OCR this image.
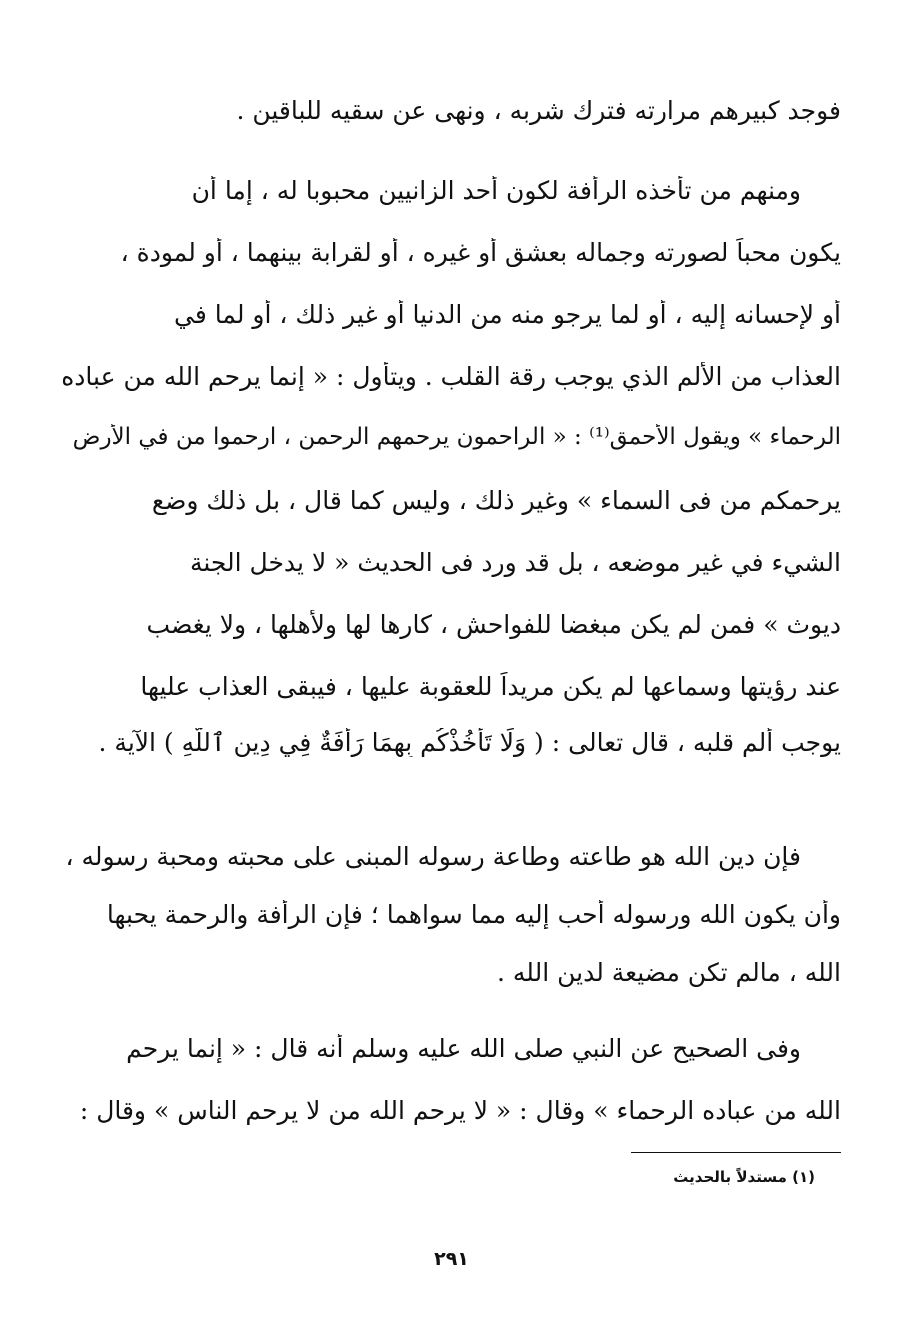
فوجد كبيرهم مرارته فترك شربه ، ونهى عن سقيه للباقين .
ومنهم من تأخذه الرأفة لكون أحد الزانيين محبوبا له ، إما أن
يكون محباً لصورته وجماله بعشق أو غيره ، أو لقرابة بينهما ، أو لمودة ،
أو لإحسانه إليه ، أو لما يرجو منه من الدنيا أو غير ذلك ، أو لما في
العذاب من الألم الذي يوجب رقة القلب . ويتأول : « إنما يرحم الله من عباده
الرحماء » ويقول الأحمق⁽¹⁾ : « الراحمون يرحمهم الرحمن ، ارحموا من في الأرض
يرحمكم من فى السماء » وغير ذلك ، وليس كما قال ، بل ذلك وضع
الشيء في غير موضعه ، بل قد ورد فى الحديث « لا يدخل الجنة
ديوث » فمن لم يكن مبغضا للفواحش ، كارها لها ولأهلها ، ولا يغضب
عند رؤيتها وسماعها لم يكن مريداً للعقوبة عليها ، فيبقى العذاب عليها
يوجب ألم قلبه ، قال تعالى : ( وَلَا تَأْخُذْكُم بِهِمَا رَأْفَةٌ فِي دِينِ ٱللَّهِ ) الآية .
فإن دين الله هو طاعته وطاعة رسوله المبنى على محبته ومحبة رسوله ،
وأن يكون الله ورسوله أحب إليه مما سواهما ؛ فإن الرأفة والرحمة يحبها
الله ، مالم تكن مضيعة لدين الله .
وفى الصحيح عن النبي صلى الله عليه وسلم أنه قال : « إنما يرحم
الله من عباده الرحماء » وقال : « لا يرحم الله من لا يرحم الناس » وقال :
(١) مستدلاً بالحديث
٢٩١
